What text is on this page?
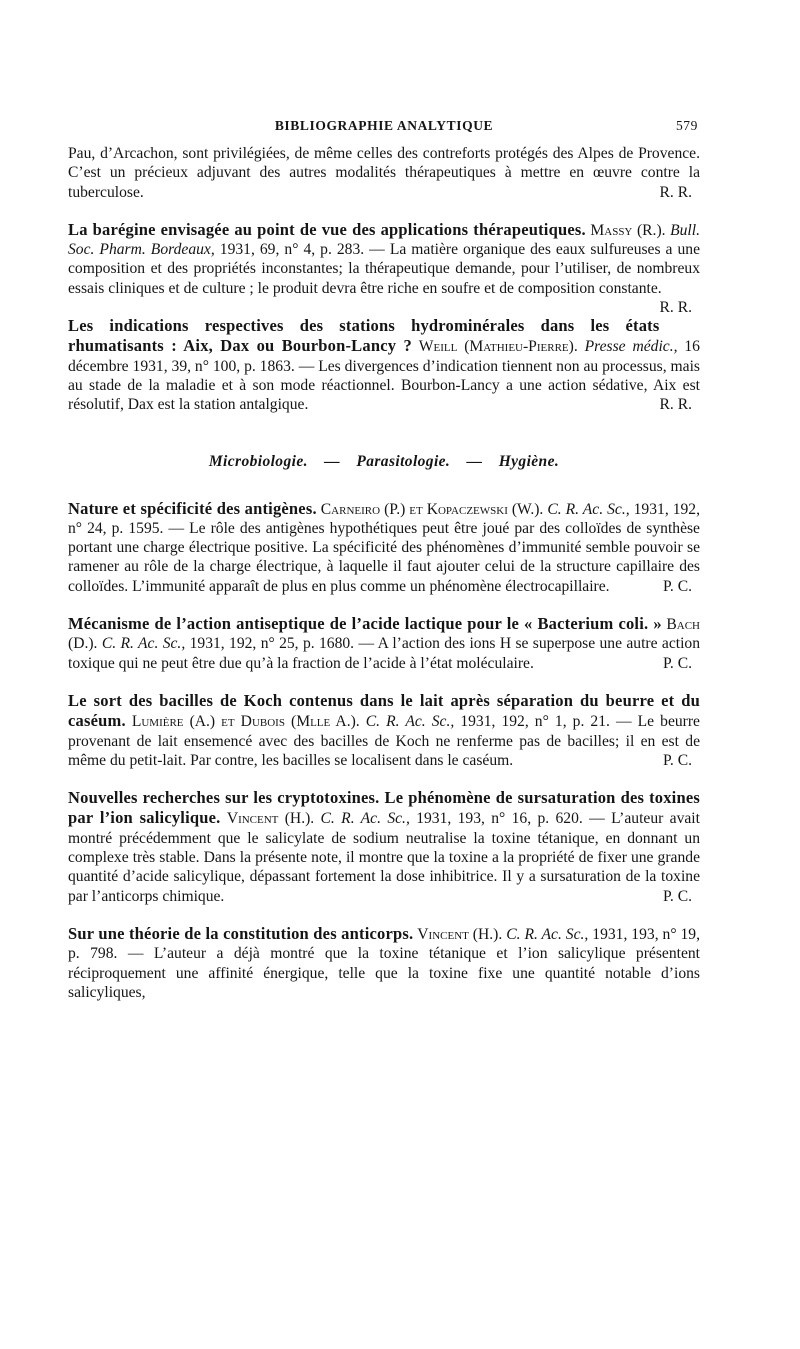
BIBLIOGRAPHIE ANALYTIQUE	579

Pau, d’Arcachon, sont privilégiées, de même celles des contreforts protégés des Alpes de Provence. C’est un précieux adjuvant des autres modalités thérapeutiques à mettre en œuvre contre la tuberculose.	R. R.

La barégine envisagée au point de vue des applications thérapeutiques. Massy (R.). Bull. Soc. Pharm. Bordeaux, 1931, 69, n° 4, p. 283. — La matière organique des eaux sulfureuses a une composition et des propriétés inconstantes; la thérapeutique demande, pour l’utiliser, de nombreux essais cliniques et de culture ; le produit devra être riche en soufre et de composition constante.
R. R.

Les indications respectives des stations hydrominérales dans les états rhumatisants : Aix, Dax ou Bourbon-Lancy ? Weill (Mathieu-Pierre). Presse médic., 16 décembre 1931, 39, n° 100, p. 1863. — Les divergences d’indication tiennent non au processus, mais au stade de la maladie et à son mode réactionnel. Bourbon-Lancy a une action sédative, Aix est résolutif, Dax est la station antalgique.	R. R.

Microbiologie. — Parasitologie. — Hygiène.

Nature et spécificité des antigènes. Carneiro (P.) et Kopaczewski (W.). C. R. Ac. Sc., 1931, 192, n° 24, p. 1595. — Le rôle des antigènes hypothétiques peut être joué par des colloïdes de synthèse portant une charge électrique positive. La spécificité des phénomènes d’immunité semble pouvoir se ramener au rôle de la charge électrique, à laquelle il faut ajouter celui de la structure capillaire des colloïdes. L’immunité apparaît de plus en plus comme un phénomène électrocapillaire.	P. C.

Mécanisme de l’action antiseptique de l’acide lactique pour le « Bacterium coli. » Bach (D.). C. R. Ac. Sc., 1931, 192, n° 25, p. 1680. — A l’action des ions H se superpose une autre action toxique qui ne peut être due qu’à la fraction de l’acide à l’état moléculaire.	P. C.

Le sort des bacilles de Koch contenus dans le lait après séparation du beurre et du caséum. Lumière (A.) et Dubois (Mlle A.). C. R. Ac. Sc., 1931, 192, n° 1, p. 21. — Le beurre provenant de lait ensemencé avec des bacilles de Koch ne renferme pas de bacilles; il en est de même du petit-lait. Par contre, les bacilles se localisent dans le caséum.	P. C.

Nouvelles recherches sur les cryptotoxines. Le phénomène de sursaturation des toxines par l’ion salicylique. Vincent (H.). C. R. Ac. Sc., 1931, 193, n° 16, p. 620. — L’auteur avait montré précédemment que le salicylate de sodium neutralise la toxine tétanique, en donnant un complexe très stable. Dans la présente note, il montre que la toxine a la propriété de fixer une grande quantité d’acide salicylique, dépassant fortement la dose inhibitrice. Il y a sursaturation de la toxine par l’anticorps chimique.	P. C.

Sur une théorie de la constitution des anticorps. Vincent (H.). C. R. Ac. Sc., 1931, 193, n° 19, p. 798. — L’auteur a déjà montré que la toxine tétanique et l’ion salicylique présentent réciproquement une affinité énergique, telle que la toxine fixe une quantité notable d’ions salicyliques,
